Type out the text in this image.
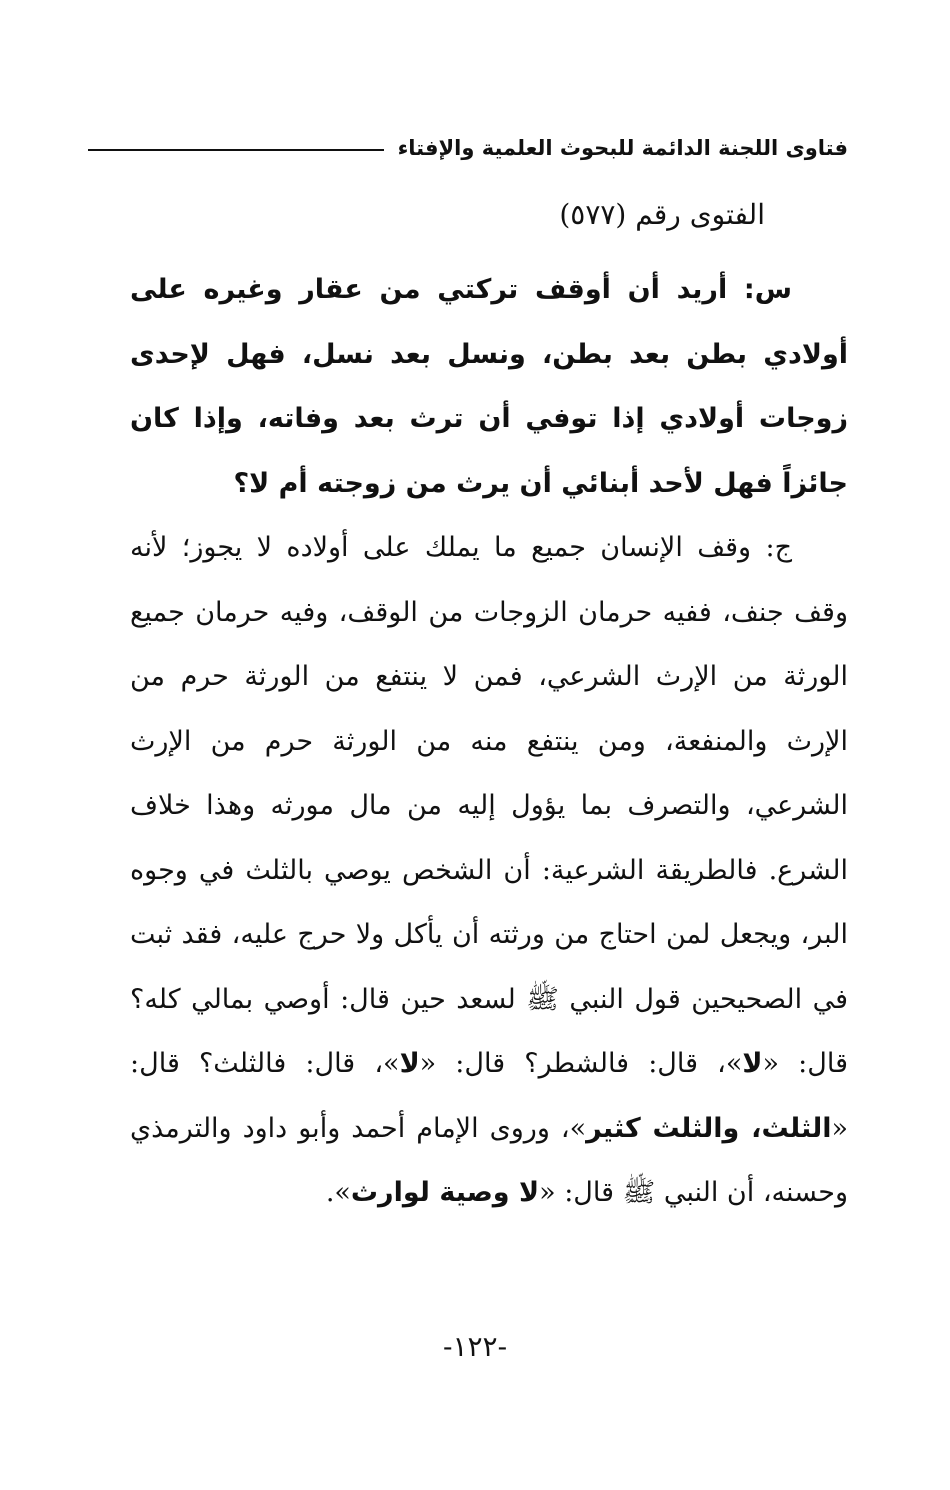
فتاوى اللجنة الدائمة للبحوث العلمية والإفتاء
الفتوى رقم (٥٧٧)

س: أريد أن أوقف تركتي من عقار وغيره على أولادي بطن بعد بطن، ونسل بعد نسل، فهل لإحدى زوجات أولادي إذا توفي أن ترث بعد وفاته، وإذا كان جائزاً فهل لأحد أبنائي أن يرث من زوجته أم لا؟

ج: وقف الإنسان جميع ما يملك على أولاده لا يجوز؛ لأنه وقف جنف، ففيه حرمان الزوجات من الوقف، وفيه حرمان جميع الورثة من الإرث الشرعي، فمن لا ينتفع من الورثة حرم من الإرث والمنفعة، ومن ينتفع منه من الورثة حرم من الإرث الشرعي، والتصرف بما يؤول إليه من مال مورثه وهذا خلاف الشرع. فالطريقة الشرعية: أن الشخص يوصي بالثلث في وجوه البر، ويجعل لمن احتاج من ورثته أن يأكل ولا حرج عليه، فقد ثبت في الصحيحين قول النبي ﷺ لسعد حين قال: أوصي بمالي كله؟ قال: «لا»، قال: فالشطر؟ قال: «لا»، قال: فالثلث؟ قال: «الثلث، والثلث كثير»، وروى الإمام أحمد وأبو داود والترمذي وحسنه، أن النبي ﷺ قال: «لا وصية لوارث».

-١٢٢-
